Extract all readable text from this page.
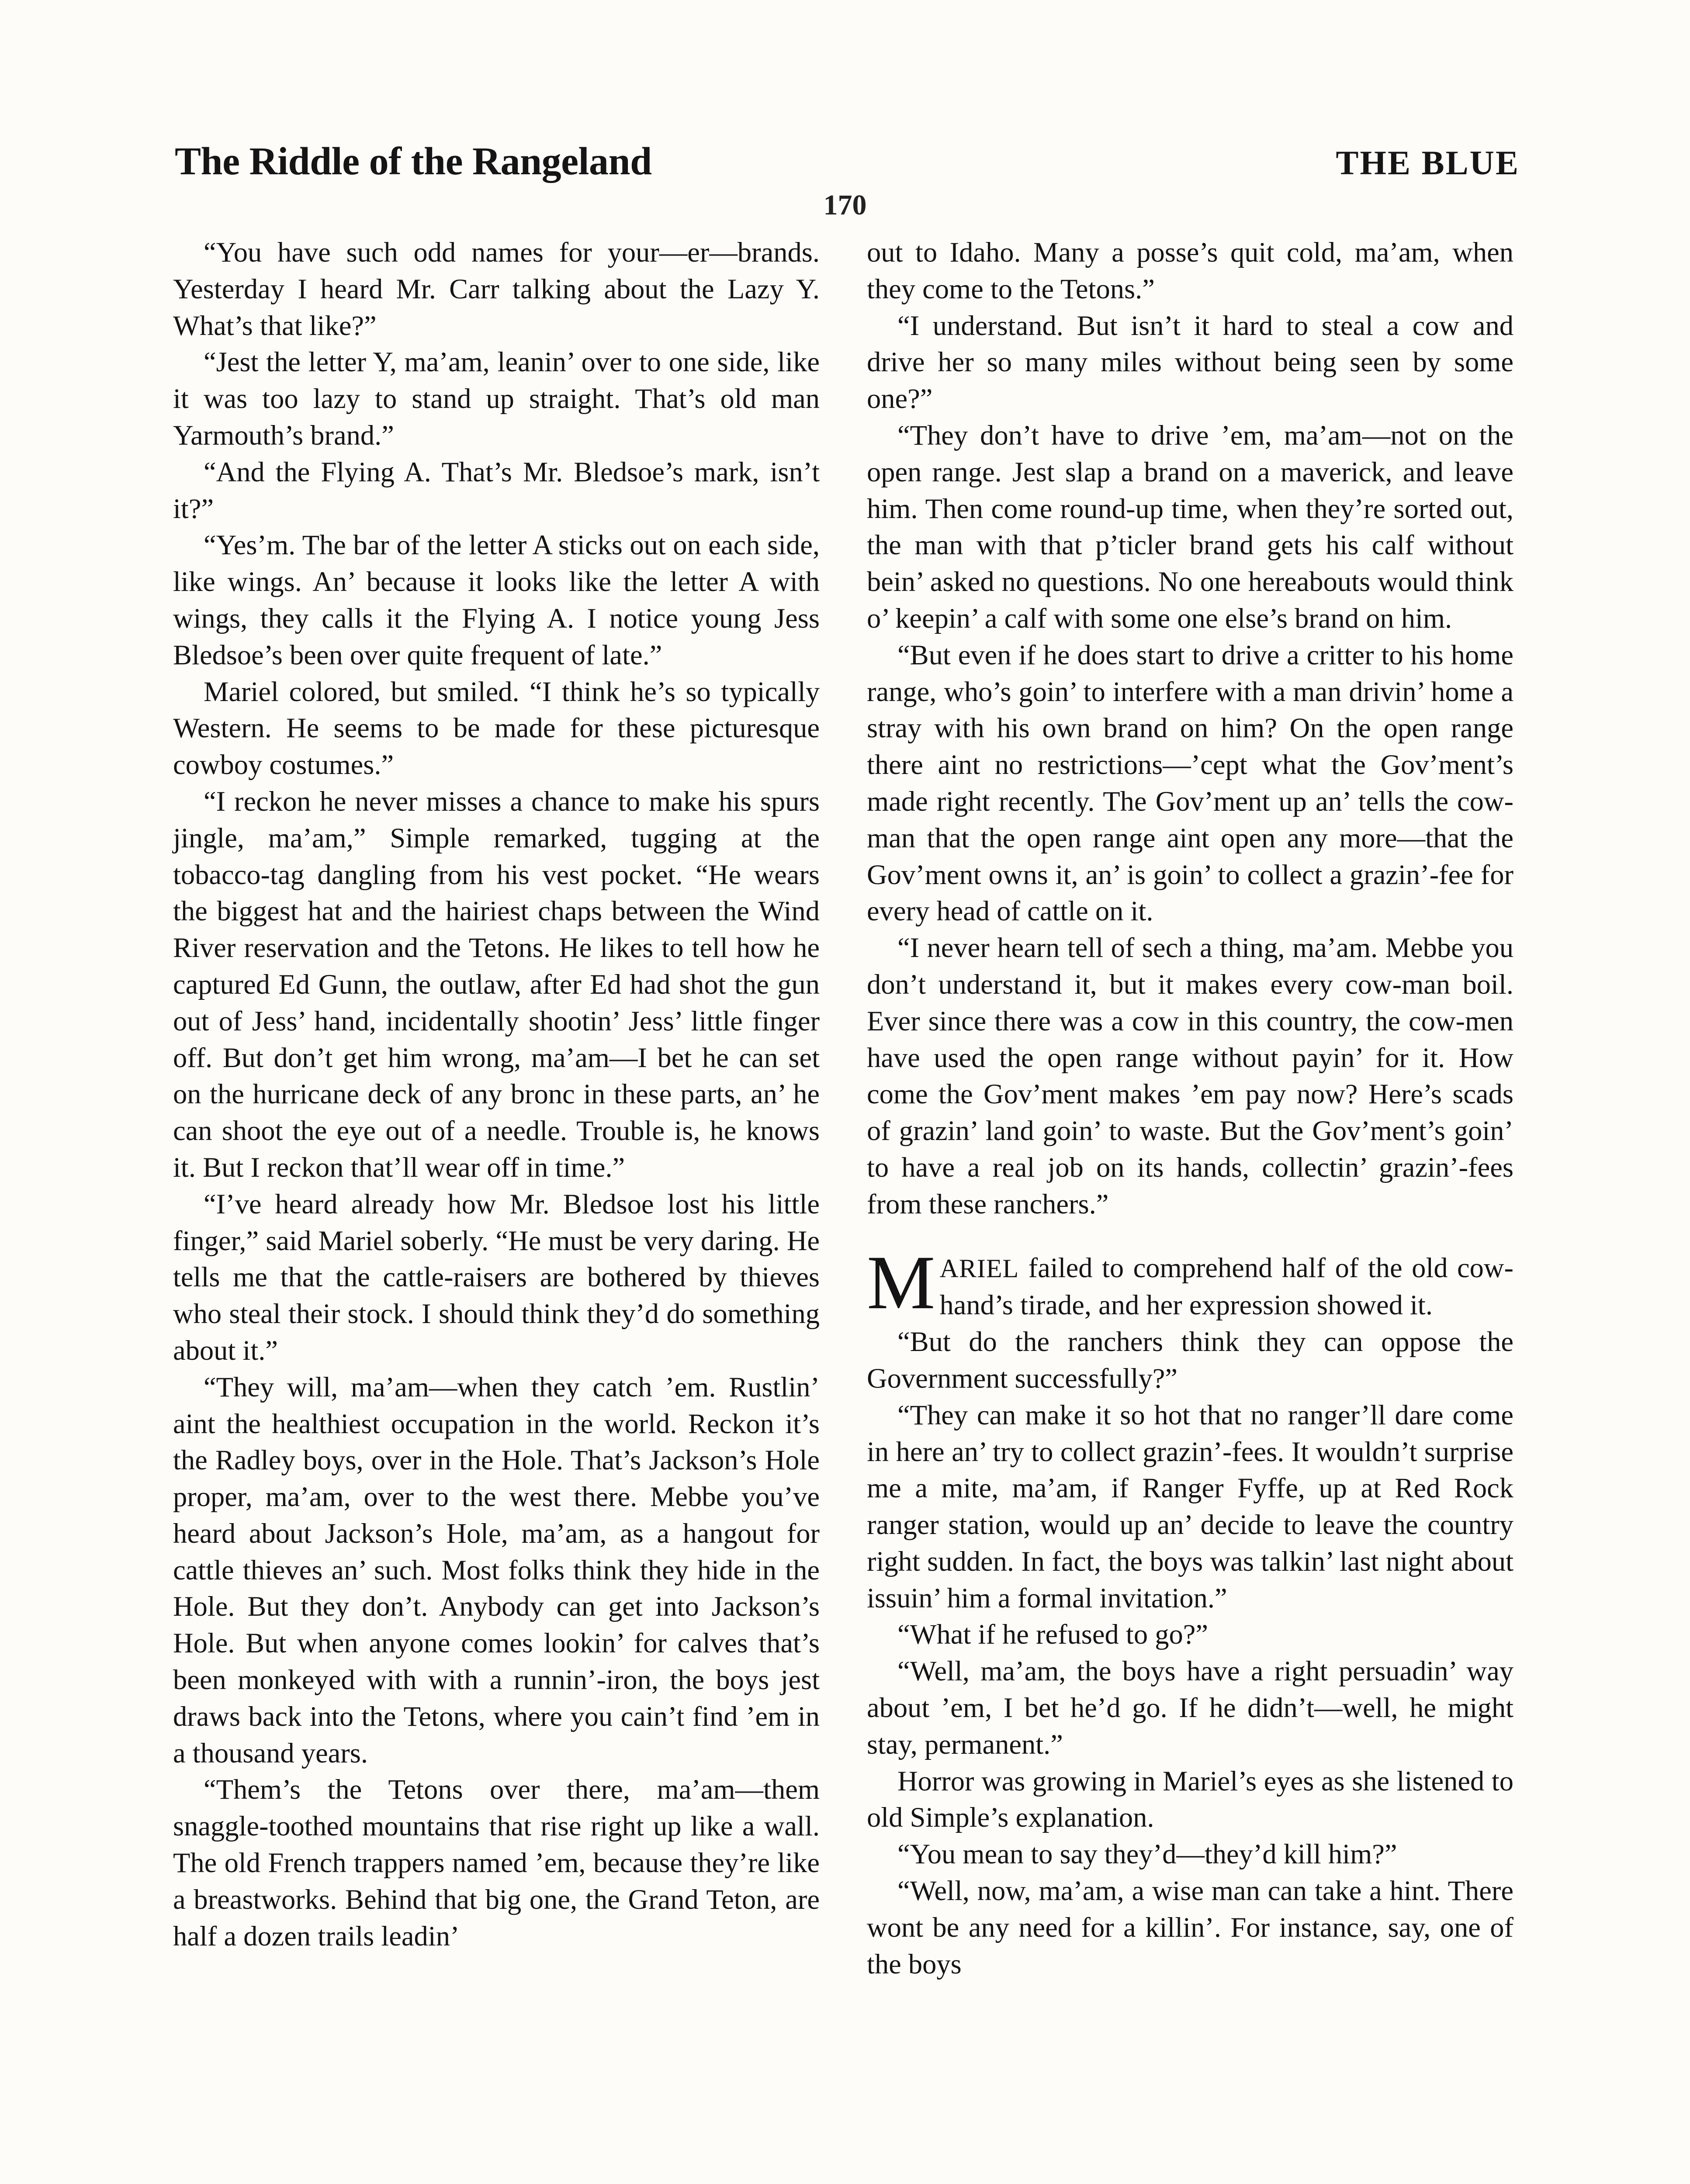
The Riddle of the Rangeland	THE BLUE
170

“You have such odd names for your—er—brands. Yesterday I heard Mr. Carr talking about the Lazy Y. What’s that like?”

“Jest the letter Y, ma’am, leanin’ over to one side, like it was too lazy to stand up straight. That’s old man Yarmouth’s brand.”

“And the Flying A. That’s Mr. Bledsoe’s mark, isn’t it?”

“Yes’m. The bar of the letter A sticks out on each side, like wings. An’ because it looks like the letter A with wings, they calls it the Flying A. I notice young Jess Bledsoe’s been over quite frequent of late.”

Mariel colored, but smiled. “I think he’s so typically Western. He seems to be made for these picturesque cowboy costumes.”

“I reckon he never misses a chance to make his spurs jingle, ma’am,” Simple remarked, tugging at the tobacco-tag dangling from his vest pocket. “He wears the biggest hat and the hairiest chaps between the Wind River reservation and the Tetons. He likes to tell how he captured Ed Gunn, the outlaw, after Ed had shot the gun out of Jess’ hand, incidentally shootin’ Jess’ little finger off. But don’t get him wrong, ma’am—I bet he can set on the hurricane deck of any bronc in these parts, an’ he can shoot the eye out of a needle. Trouble is, he knows it. But I reckon that’ll wear off in time.”

“I’ve heard already how Mr. Bledsoe lost his little finger,” said Mariel soberly. “He must be very daring. He tells me that the cattle-raisers are bothered by thieves who steal their stock. I should think they’d do something about it.”

“They will, ma’am—when they catch ’em. Rustlin’ aint the healthiest occupation in the world. Reckon it’s the Radley boys, over in the Hole. That’s Jackson’s Hole proper, ma’am, over to the west there. Mebbe you’ve heard about Jackson’s Hole, ma’am, as a hangout for cattle thieves an’ such. Most folks think they hide in the Hole. But they don’t. Anybody can get into Jackson’s Hole. But when anyone comes lookin’ for calves that’s been monkeyed with with a runnin’-iron, the boys jest draws back into the Tetons, where you cain’t find ’em in a thousand years.

“Them’s the Tetons over there, ma’am—them snaggle-toothed mountains that rise right up like a wall. The old French trappers named ’em, because they’re like a breastworks. Behind that big one, the Grand Teton, are half a dozen trails leadin’

out to Idaho. Many a posse’s quit cold, ma’am, when they come to the Tetons.”

“I understand. But isn’t it hard to steal a cow and drive her so many miles without being seen by some one?”

“They don’t have to drive ’em, ma’am—not on the open range. Jest slap a brand on a maverick, and leave him. Then come round-up time, when they’re sorted out, the man with that p’ticler brand gets his calf without bein’ asked no questions. No one hereabouts would think o’ keepin’ a calf with some one else’s brand on him.

“But even if he does start to drive a critter to his home range, who’s goin’ to interfere with a man drivin’ home a stray with his own brand on him? On the open range there aint no restrictions—’cept what the Gov’ment’s made right recently. The Gov’ment up an’ tells the cow-man that the open range aint open any more—that the Gov’ment owns it, an’ is goin’ to collect a grazin’-fee for every head of cattle on it.

“I never hearn tell of sech a thing, ma’am. Mebbe you don’t understand it, but it makes every cow-man boil. Ever since there was a cow in this country, the cow-men have used the open range without payin’ for it. How come the Gov’ment makes ’em pay now? Here’s scads of grazin’ land goin’ to waste. But the Gov’ment’s goin’ to have a real job on its hands, collectin’ grazin’-fees from these ranchers.”

MARIEL failed to comprehend half of the old cow-hand’s tirade, and her expression showed it.

“But do the ranchers think they can oppose the Government successfully?”

“They can make it so hot that no ranger’ll dare come in here an’ try to collect grazin’-fees. It wouldn’t surprise me a mite, ma’am, if Ranger Fyffe, up at Red Rock ranger station, would up an’ decide to leave the country right sudden. In fact, the boys was talkin’ last night about issuin’ him a formal invitation.”

“What if he refused to go?”

“Well, ma’am, the boys have a right persuadin’ way about ’em, I bet he’d go. If he didn’t—well, he might stay, permanent.”

Horror was growing in Mariel’s eyes as she listened to old Simple’s explanation.

“You mean to say they’d—they’d kill him?”

“Well, now, ma’am, a wise man can take a hint. There wont be any need for a killin’. For instance, say, one of the boys
